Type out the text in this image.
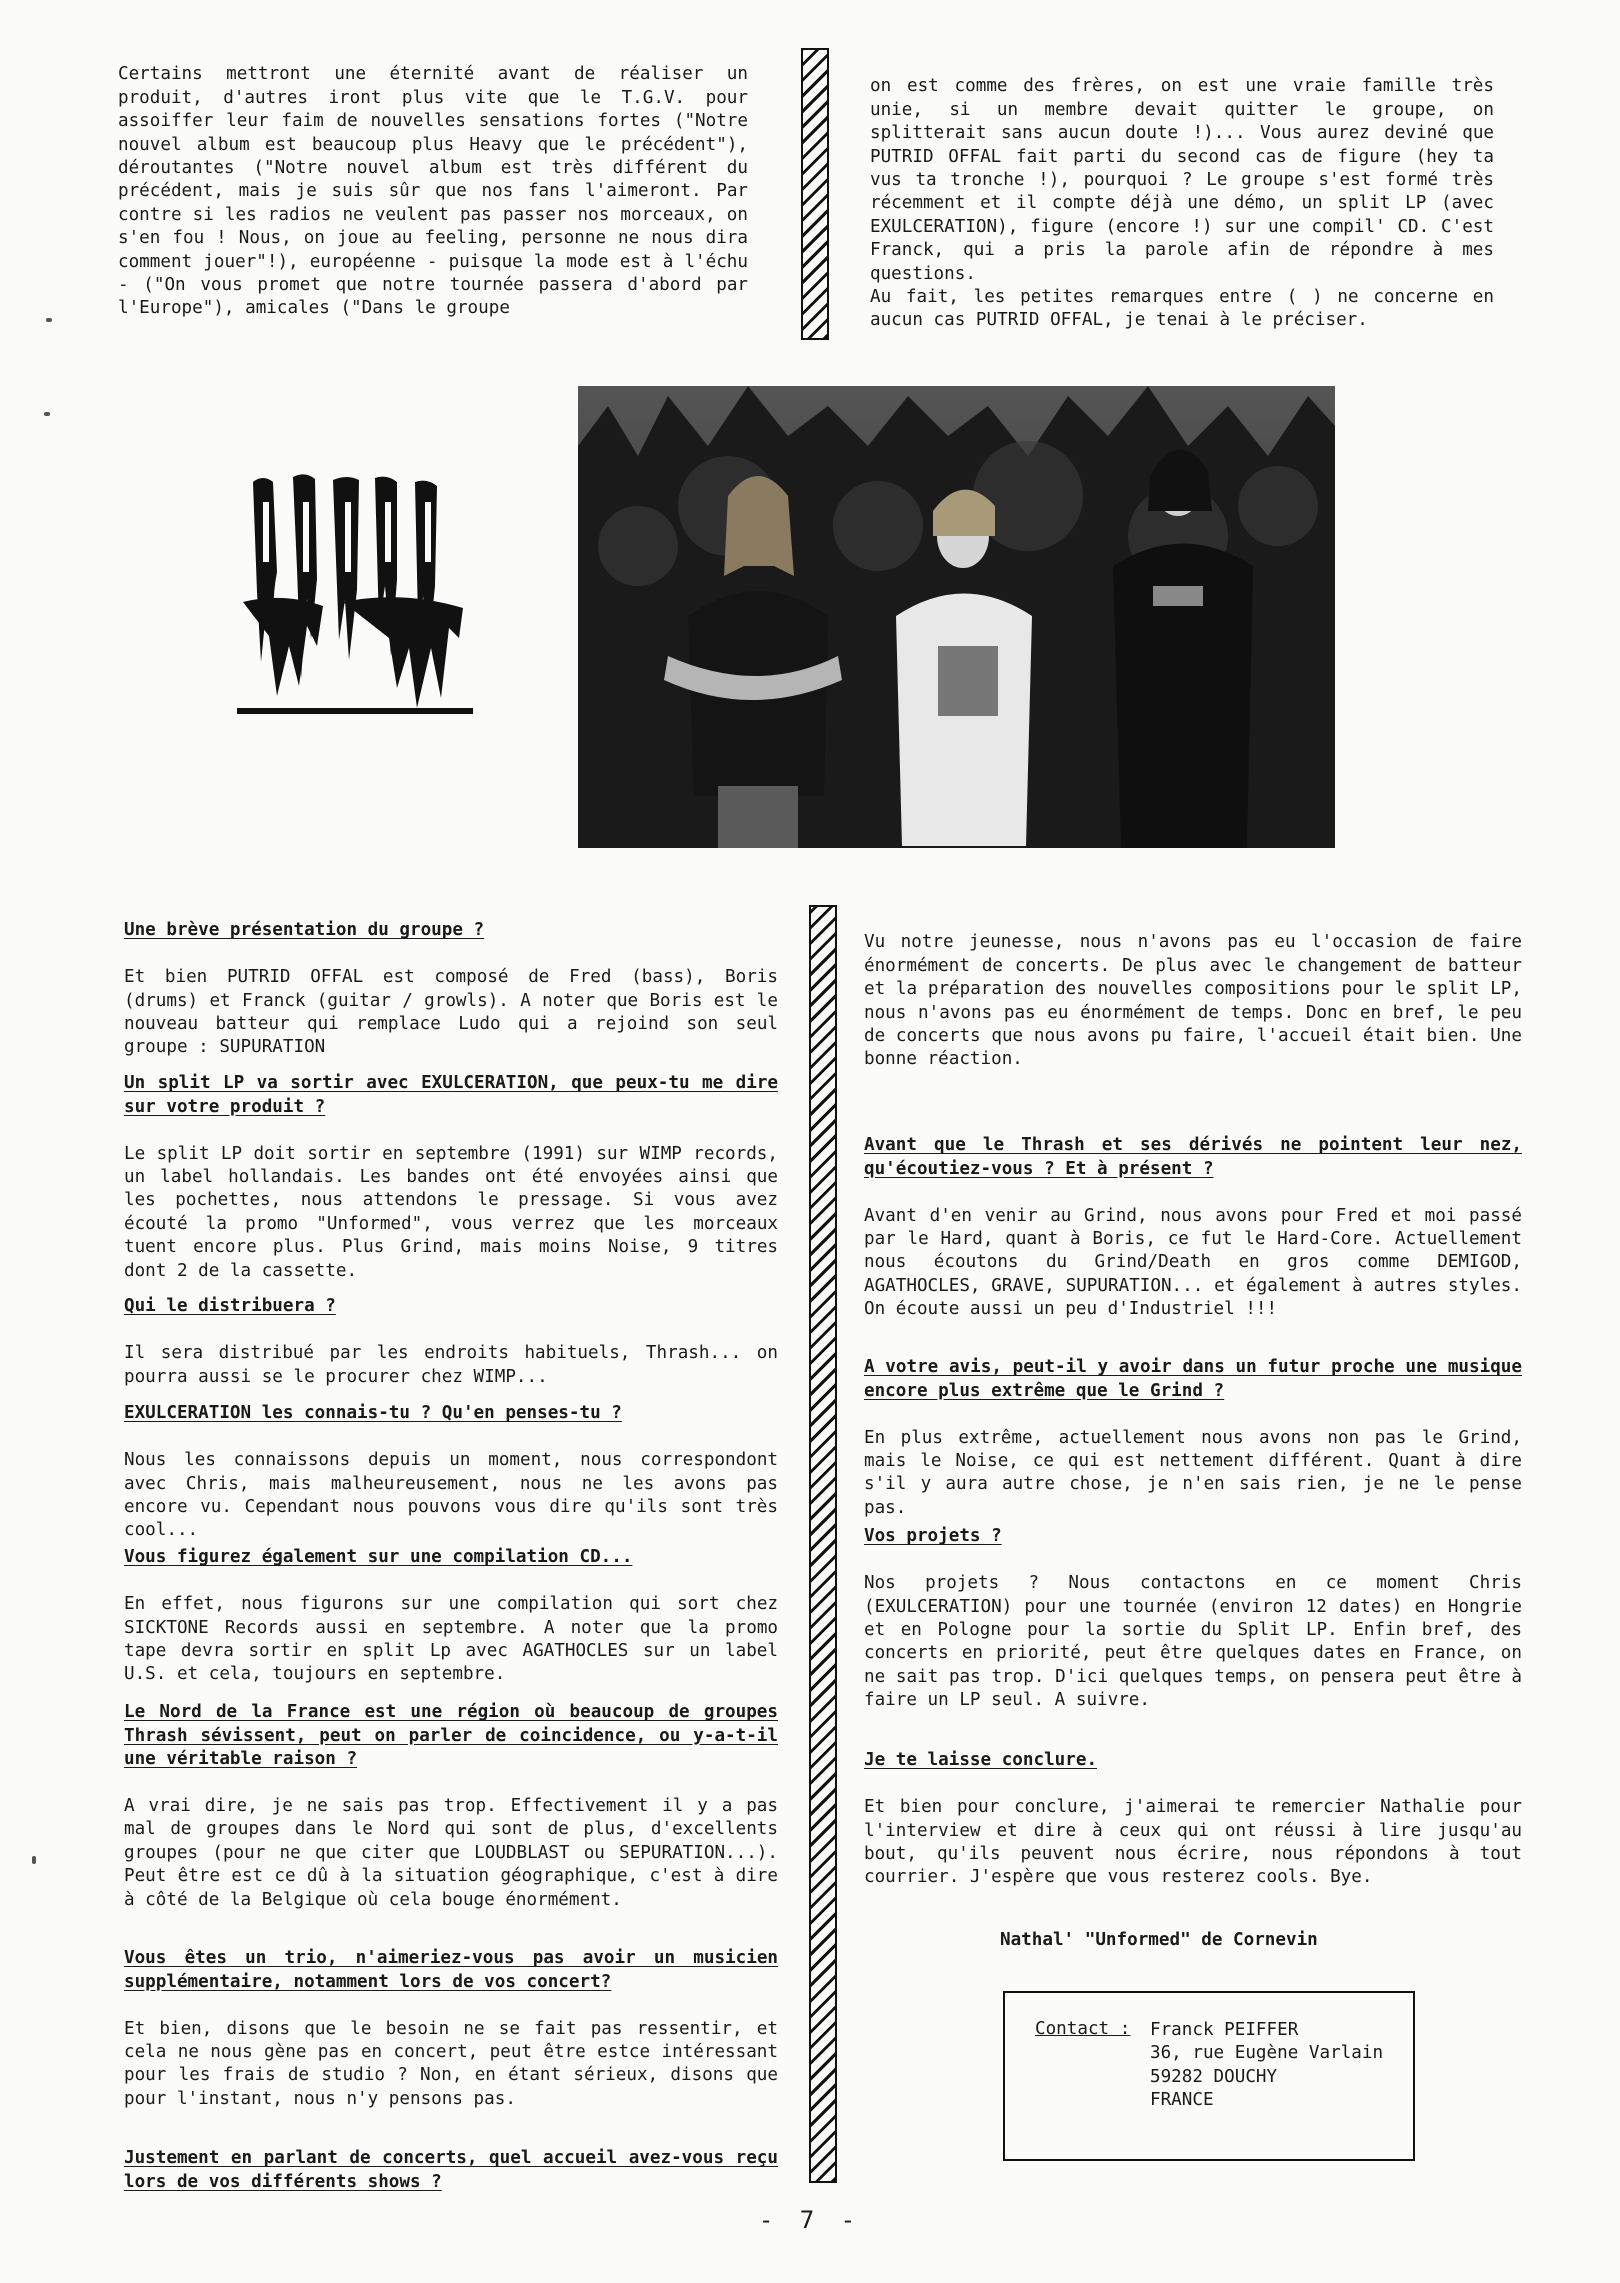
Certains mettront une éternité avant de réaliser un produit, d'autres iront plus vite que le T.G.V. pour assoiffer leur faim de nouvelles sensations fortes ("Notre nouvel album est beaucoup plus Heavy que le précédent"), déroutantes ("Notre nouvel album est très différent du précédent, mais je suis sûr que nos fans l'aimeront. Par contre si les radios ne veulent pas passer nos morceaux, on s'en fou ! Nous, on joue au feeling, personne ne nous dira comment jouer"!), européenne - puisque la mode est à l'échu - ("On vous promet que notre tournée passera d'abord par l'Europe"), amicales ("Dans le groupe

on est comme des frères, on est une vraie famille très unie, si un membre devait quitter le groupe, on splitterait sans aucun doute !)... Vous aurez deviné que PUTRID OFFAL fait parti du second cas de figure (hey ta vus ta tronche !), pourquoi ? Le groupe s'est formé très récemment et il compte déjà une démo, un split LP (avec EXULCERATION), figure (encore !) sur une compil' CD. C'est Franck, qui a pris la parole afin de répondre à mes questions.
Au fait, les petites remarques entre ( ) ne concerne en aucun cas PUTRID OFFAL, je tenai à le préciser.

Une brève présentation du groupe ?

Et bien PUTRID OFFAL est composé de Fred (bass), Boris (drums) et Franck (guitar / growls). A noter que Boris est le nouveau batteur qui remplace Ludo qui a rejoind son seul groupe : SUPURATION

Un split LP va sortir avec EXULCERATION, que peux-tu me dire sur votre produit ?

Le split LP doit sortir en septembre (1991) sur WIMP records, un label hollandais. Les bandes ont été envoyées ainsi que les pochettes, nous attendons le pressage. Si vous avez écouté la promo "Unformed", vous verrez que les morceaux tuent encore plus. Plus Grind, mais moins Noise, 9 titres dont 2 de la cassette.

Qui le distribuera ?

Il sera distribué par les endroits habituels, Thrash... on pourra aussi se le procurer chez WIMP...

EXULCERATION les connais-tu ? Qu'en penses-tu ?

Nous les connaissons depuis un moment, nous correspondont avec Chris, mais malheureusement, nous ne les avons pas encore vu. Cependant nous pouvons vous dire qu'ils sont très cool...

Vous figurez également sur une compilation CD...

En effet, nous figurons sur une compilation qui sort chez SICKTONE Records aussi en septembre. A noter que la promo tape devra sortir en split Lp avec AGATHOCLES sur un label U.S. et cela, toujours en septembre.

Le Nord de la France est une région où beaucoup de groupes Thrash sévissent, peut on parler de coincidence, ou y-a-t-il une véritable raison ?

A vrai dire, je ne sais pas trop. Effectivement il y a pas mal de groupes dans le Nord qui sont de plus, d'excellents groupes (pour ne que citer que LOUDBLAST ou SEPURATION...). Peut être est ce dû à la situation géographique, c'est à dire à côté de la Belgique où cela bouge énormément.

Vous êtes un trio, n'aimeriez-vous pas avoir un musicien supplémentaire, notamment lors de vos concert?

Et bien, disons que le besoin ne se fait pas ressentir, et cela ne nous gène pas en concert, peut être estce intéressant pour les frais de studio ? Non, en étant sérieux, disons que pour l'instant, nous n'y pensons pas.

Justement en parlant de concerts, quel accueil avez-vous reçu lors de vos différents shows ?

Vu notre jeunesse, nous n'avons pas eu l'occasion de faire énormément de concerts. De plus avec le changement de batteur et la préparation des nouvelles compositions pour le split LP, nous n'avons pas eu énormément de temps. Donc en bref, le peu de concerts que nous avons pu faire, l'accueil était bien. Une bonne réaction.

Avant que le Thrash et ses dérivés ne pointent leur nez, qu'écoutiez-vous ? Et à présent ?

Avant d'en venir au Grind, nous avons pour Fred et moi passé par le Hard, quant à Boris, ce fut le Hard-Core. Actuellement nous écoutons du Grind/Death en gros comme DEMIGOD, AGATHOCLES, GRAVE, SUPURATION... et également à autres styles. On écoute aussi un peu d'Industriel !!!

A votre avis, peut-il y avoir dans un futur proche une musique encore plus extrême que le Grind ?

En plus extrême, actuellement nous avons non pas le Grind, mais le Noise, ce qui est nettement différent. Quant à dire s'il y aura autre chose, je n'en sais rien, je ne le pense pas.

Vos projets ?

Nos projets ? Nous contactons en ce moment Chris (EXULCERATION) pour une tournée (environ 12 dates) en Hongrie et en Pologne pour la sortie du Split LP. Enfin bref, des concerts en priorité, peut être quelques dates en France, on ne sait pas trop. D'ici quelques temps, on pensera peut être à faire un LP seul. A suivre.

Je te laisse conclure.

Et bien pour conclure, j'aimerai te remercier Nathalie pour l'interview et dire à ceux qui ont réussi à lire jusqu'au bout, qu'ils peuvent nous écrire, nous répondons à tout courrier. J'espère que vous resterez cools. Bye.

Nathal' "Unformed" de Cornevin
Contact : Franck PEIFFER
36, rue Eugène Varlain
59282 DOUCHY
FRANCE
- 7 -
